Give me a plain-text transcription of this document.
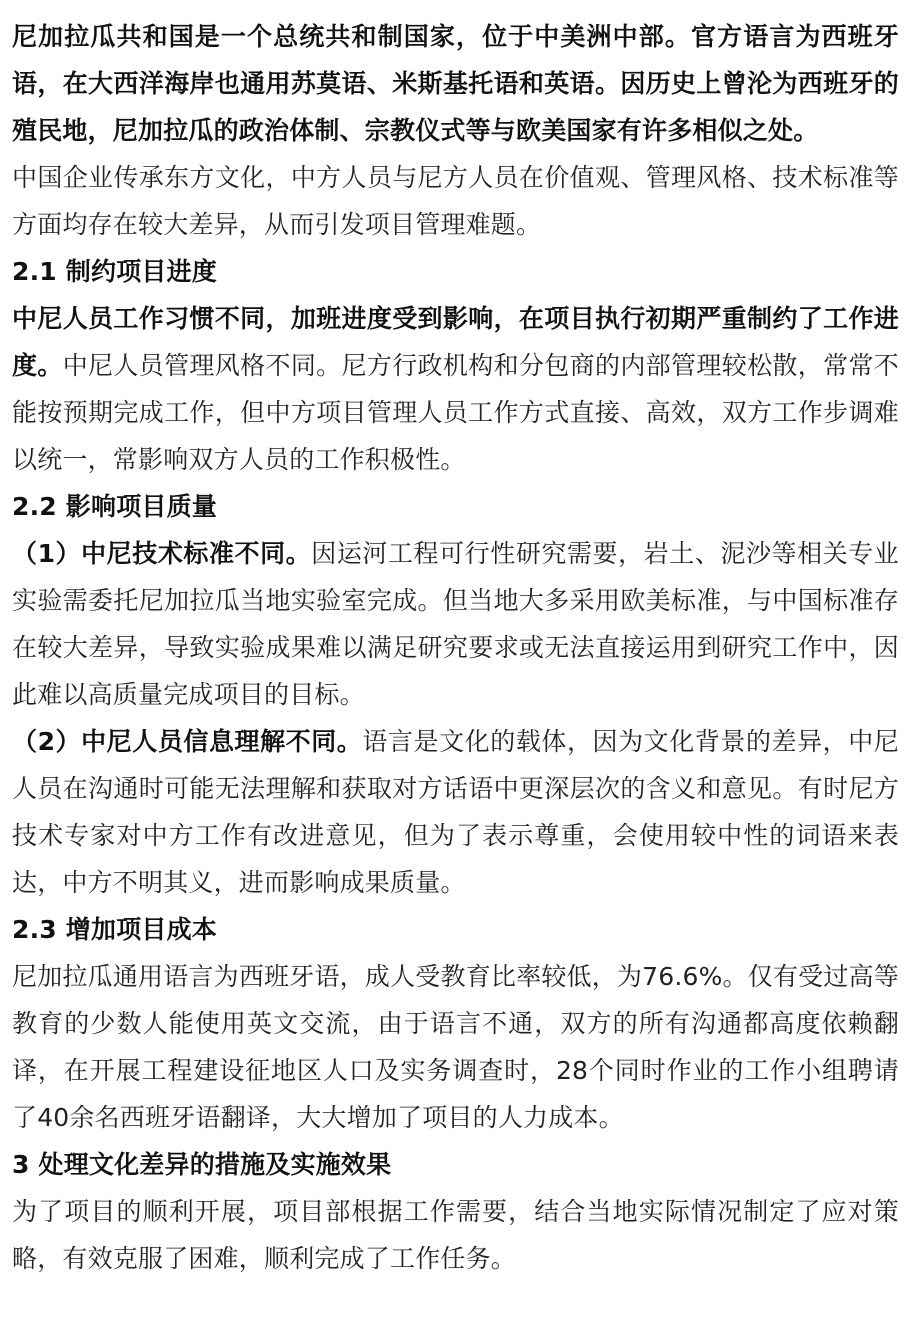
尼加拉瓜共和国是一个总统共和制国家，位于中美洲中部。官方语言为西班牙语，在大西洋海岸也通用苏莫语、米斯基托语和英语。因历史上曾沦为西班牙的殖民地，尼加拉瓜的政治体制、宗教仪式等与欧美国家有许多相似之处。

中国企业传承东方文化，中方人员与尼方人员在价值观、管理风格、技术标准等方面均存在较大差异，从而引发项目管理难题。

2.1 制约项目进度

中尼人员工作习惯不同，加班进度受到影响，在项目执行初期严重制约了工作进度。中尼人员管理风格不同。尼方行政机构和分包商的内部管理较松散，常常不能按预期完成工作，但中方项目管理人员工作方式直接、高效，双方工作步调难以统一，常影响双方人员的工作积极性。

2.2 影响项目质量

（1）中尼技术标准不同。因运河工程可行性研究需要，岩土、泥沙等相关专业实验需委托尼加拉瓜当地实验室完成。但当地大多采用欧美标准，与中国标准存在较大差异，导致实验成果难以满足研究要求或无法直接运用到研究工作中，因此难以高质量完成项目的目标。

（2）中尼人员信息理解不同。语言是文化的载体，因为文化背景的差异，中尼人员在沟通时可能无法理解和获取对方话语中更深层次的含义和意见。有时尼方技术专家对中方工作有改进意见，但为了表示尊重，会使用较中性的词语来表达，中方不明其义，进而影响成果质量。

2.3 增加项目成本

尼加拉瓜通用语言为西班牙语，成人受教育比率较低，为76.6%。仅有受过高等教育的少数人能使用英文交流，由于语言不通，双方的所有沟通都高度依赖翻译，在开展工程建设征地区人口及实务调查时，28个同时作业的工作小组聘请了40余名西班牙语翻译，大大增加了项目的人力成本。

3 处理文化差异的措施及实施效果

为了项目的顺利开展，项目部根据工作需要，结合当地实际情况制定了应对策略，有效克服了困难，顺利完成了工作任务。
